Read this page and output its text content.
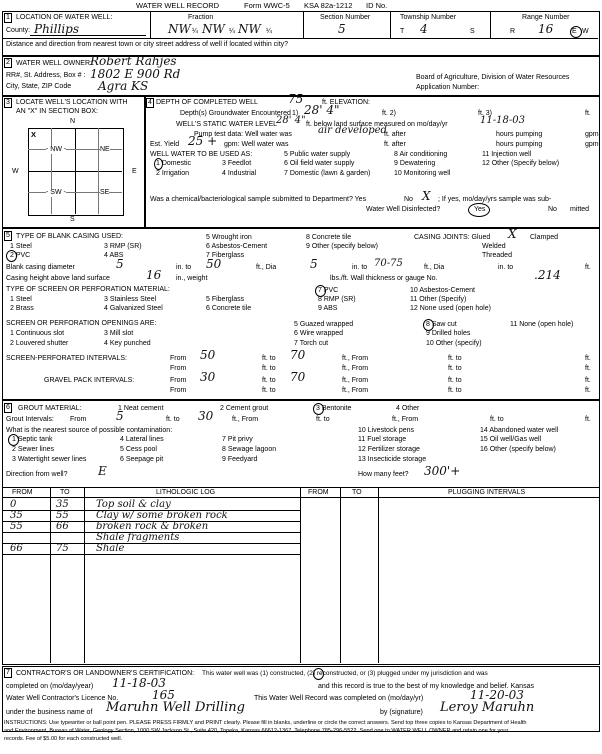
WATER WELL RECORD	Form WWC-5 KSA 82a-1212 ID No.
1 LOCATION OF WATER WELL:
County: Phillips
Fraction
NW ¼ NW ¼ NW ¼
Section Number
5
Township Number
T 4	S
Range Number
R 16	E W
Distance and direction from nearest town or city street address of well if located within city?
2 WATER WELL OWNER:
Robert Rahjes
RR#, St. Address, Box # : 1802 E 900 Rd
City, State, ZIP Code Agra KS
Board of Agriculture, Division of Water Resources
Application Number:
3 LOCATE WELL'S LOCATION WITH
AN "X" IN SECTION BOX:
N
S
W	E
- NW -	NE
- SW -	SE
X
4 DEPTH OF COMPLETED WELL	75	ft. ELEVATION:
Depth(s) Groundwater Encountered 1) 28' 4"	ft. 2)	ft. 3)	ft.
WELL'S STATIC WATER LEVEL
28' 4" ft. below land surface measured on mo/day/yr	11-18-03
Pump test data: Well water was	air developed
ft. after	hours pumping	gpm
Est. Yield 25 + gpm: Well water was	ft. after	hours pumping	gpm
WELL WATER TO BE USED AS:
1 Domestic
2 Irrigation
3 Feedlot
4 Industrial
5 Public water supply
6 Oil field water supply
7 Domestic (lawn & garden)
8 Air conditioning
9 Dewatering
10 Monitoring well
11 Injection well
12 Other (Specify below)
Was a chemical/bacteriological sample submitted to Department? Yes	No X ; If yes, mo/day/yrs sample was sub-
mitted
Water Well Disinfected?	Yes	No
5 TYPE OF BLANK CASING USED:
1 Steel
2 PVC
3 RMP (SR)
4 ABS
5 Wrought iron
6 Asbestos-Cement
7 Fiberglass
8 Concrete tile
9 Other (specify below)
CASING JOINTS: Glued X Clamped
Welded
Threaded
Blank casing diameter	5	in. to 50	ft., Dia	5	in. to 70-75	ft., Dia	in. to	ft.
Casing height above land surface	16 in., weight	lbs./ft. Wall thickness or gauge No.	.214
TYPE OF SCREEN OR PERFORATION MATERIAL:
1 Steel
2 Brass
3 Stainless Steel
4 Galvanized Steel
5 Fiberglass
6 Concrete tile
7 PVC
8 RMP (SR)
9 ABS
10 Asbestos-Cement
11 Other (Specify)
12 None used (open hole)
SCREEN OR PERFORATION OPENINGS ARE:
1 Continuous slot
2 Louvered shutter
3 Mill slot
4 Key punched
5 Guazed wrapped
6 Wire wrapped
7 Torch cut
8 Saw cut
9 Drilled holes
10 Other (specify)
11 None (open hole)
SCREEN-PERFORATED INTERVALS:	From 50	ft. to 70	ft., From	ft. to	ft.
From	ft. to	ft., From	ft. to	ft.
GRAVEL PACK INTERVALS:	From 30	ft. to 70	ft., From	ft. to	ft.
From	ft. to	ft., From	ft. to	ft.
6 GROUT MATERIAL:	1 Neat cement	2 Cement grout	3 Bentonite	4 Other
Grout Intervals: From 5	ft. to 30	ft., From	ft. to	ft., From	ft. to	ft.
What is the nearest source of possible contamination:
1 Septic tank
2 Sewer lines
3 Watertight sewer lines
4 Lateral lines
5 Cess pool
6 Seepage pit
7 Pit privy
8 Sewage lagoon
9 Feedyard
10 Livestock pens
11 Fuel storage
12 Fertilizer storage
13 Insecticide storage
14 Abandoned water well
15 Oil well/Gas well
16 Other (specify below)
Direction from well?	E	How many feet? 300'+
FROM	TO	LITHOLOGIC LOG	FROM	TO	PLUGGING INTERVALS
0	35	Top soil & clay
35	55	Clay w/ some broken rock
55	66	broken rock & broken
Shale fragments
66	75	Shale
7 CONTRACTOR'S OR LANDOWNER'S CERTIFICATION: This water well was (1) constructed, (2) reconstructed, or (3) plugged under my jurisdiction and was
completed on (mo/day/year) 11-18-03	and this record is true to the best of my knowledge and belief. Kansas
Water Well Contractor's Licence No.	165	This Water Well Record was completed on (mo/day/yr)	11-20-03
under the business name of Maruhn Well Drilling	by (signature) Leroy Maruhn
INSTRUCTIONS: Use typewriter or ball point pen. PLEASE PRESS FIRMLY and PRINT clearly. Please fill in blanks, underline or circle the correct answers. Send top three copies to Kansas Department of Health
and Environment, Bureau of Water, Geology Section, 1000 SW Jackson St., Suite 420, Topeka, Kansas 66612-1367. Telephone 785-296-5522. Send one to WATER WELL OWNER and retain one for your
records. Fee of $5.00 for each constructed well.
